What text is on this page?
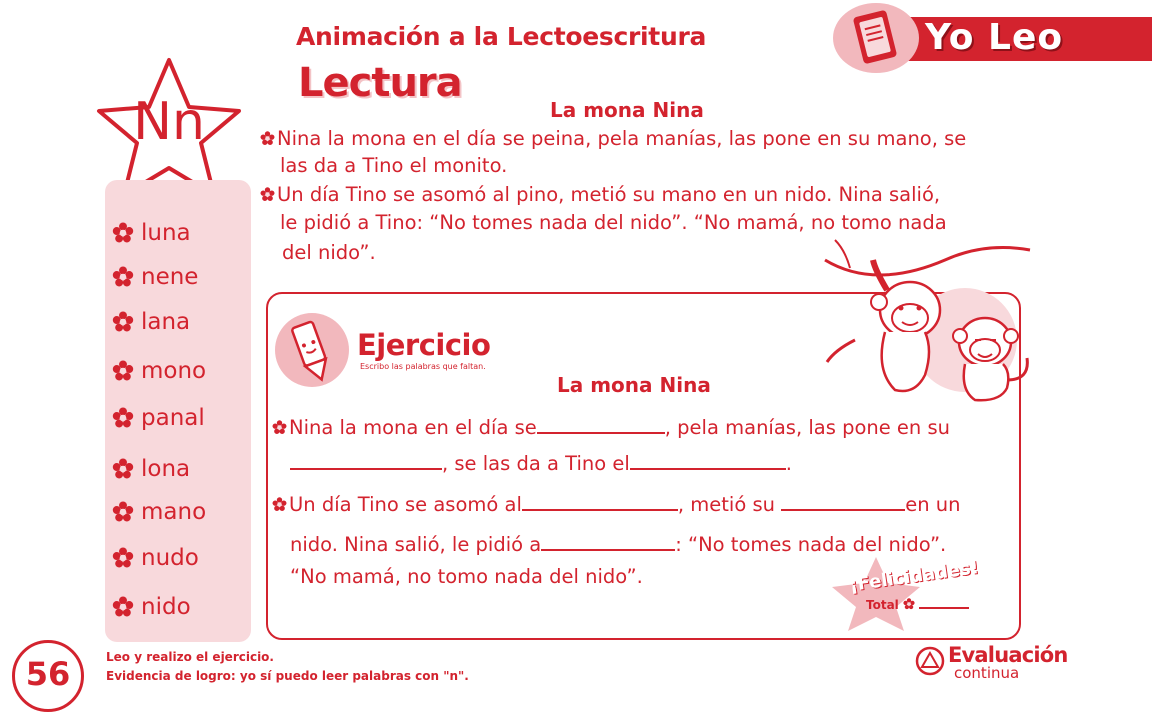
Animación a la Lectoescritura
Lectura
Yo Leo
Nn
luna
nene
lana
mono
panal
lona
mano
nudo
nido
La mona Nina
Nina la mona en el día se peina, pela manías, las pone en su mano, se
las da a Tino el monito.
Un día Tino se asomó al pino, metió su mano en un nido. Nina salió,
le pidió a Tino: “No tomes nada del nido”. “No mamá, no tomo nada
del nido”.
Ejercicio
Escribo las palabras que faltan.
La mona Nina
Nina la mona en el día se	, pela manías, las pone en su
, se las da a Tino el	.
Un día Tino se asomó al	, metió su	en un
nido. Nina salió, le pidió a	: “No tomes nada del nido”.
“No mamá, no tomo nada del nido”.	¡Felicidades!
Total
56	Leo y realizo el ejercicio.
Evidencia de logro: yo sí puedo leer palabras con "n".
Evaluación
continua
